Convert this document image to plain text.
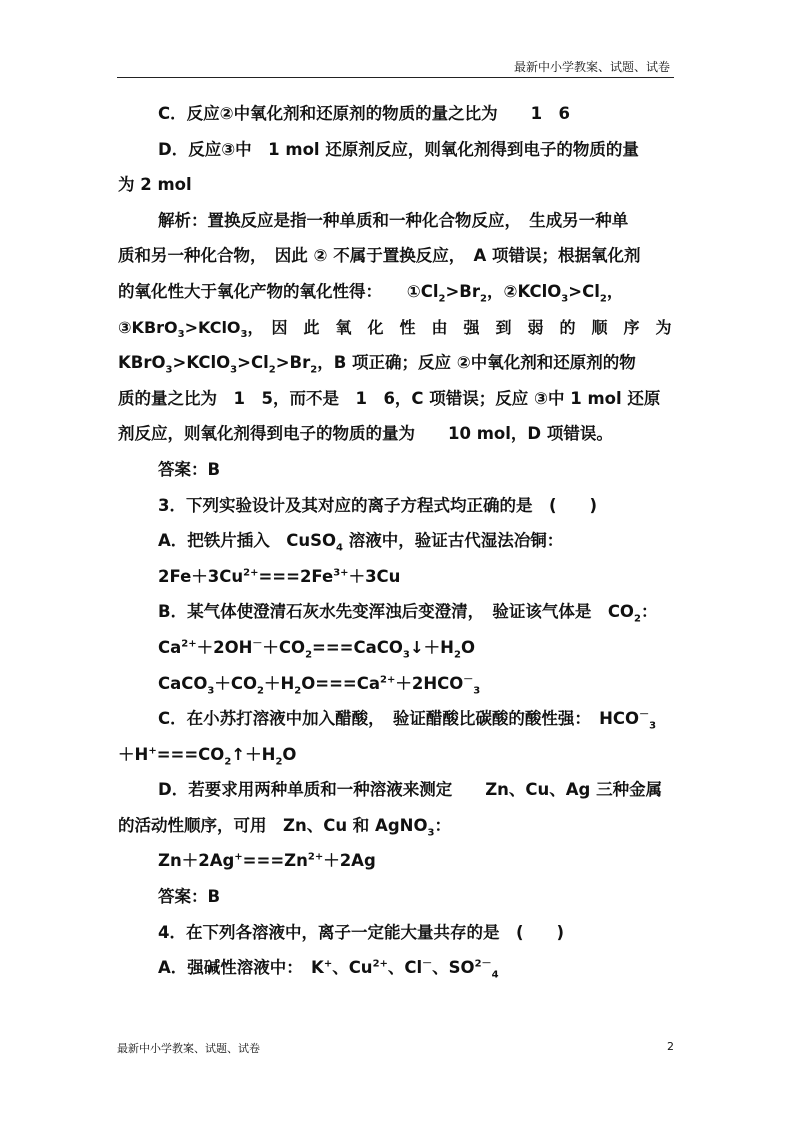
最新中小学教案、试题、试卷
C．反应②中氧化剂和还原剂的物质的量之比为　　1　6
D．反应③中　1 mol 还原剂反应，则氧化剂得到电子的物质的量
为 2 mol
解析：置换反应是指一种单质和一种化合物反应，　生成另一种单
质和另一种化合物，　因此 ② 不属于置换反应，　A 项错误；根据氧化剂
的氧化性大于氧化产物的氧化性得：　　$①Cl_2>Br_2$，$②KClO_3>Cl_2$，
③KBrO$_3$>KClO$_3$，　因　此　氧　化　性　由　强　到　弱　的　顺　序　为
$KBrO_3>KClO_3>Cl_2>Br_2$，B 项正确；反应 ②中氧化剂和还原剂的物
质的量之比为　1　5，而不是　1　6，C 项错误；反应 ③中 1 mol 还原
剂反应，则氧化剂得到电子的物质的量为　　10 mol，D 项错误。
答案：B
3．下列实验设计及其对应的离子方程式均正确的是　(　　)
A．把铁片插入　CuSO$_4$ 溶液中，验证古代湿法冶铜：
$2Fe+3Cu^{2+}===2Fe^{3+}+3Cu$
B．某气体使澄清石灰水先变浑浊后变澄清，　验证该气体是　$CO_2$：
$Ca^{2+}+2OH^-+CO_2===CaCO_3↓+H_2O$
$CaCO_3+CO_2+H_2O===Ca^{2+}+2HCO^-_3$
C．在小苏打溶液中加入醋酸，　验证醋酸比碳酸的酸性强：　$HCO^-_3$
$+H^+===CO_2↑+H_2O$
D．若要求用两种单质和一种溶液来测定　　Zn、Cu、Ag 三种金属
的活动性顺序，可用　Zn、Cu 和 AgNO$_3$：
$Zn+2Ag^+===Zn^{2+}+2Ag$
答案：B
4．在下列各溶液中，离子一定能大量共存的是　(　　)
A．强碱性溶液中：　K+、$Cu^{2+}$、Cl－、$SO^{2-}_4$
最新中小学教案、试题、试卷	2
